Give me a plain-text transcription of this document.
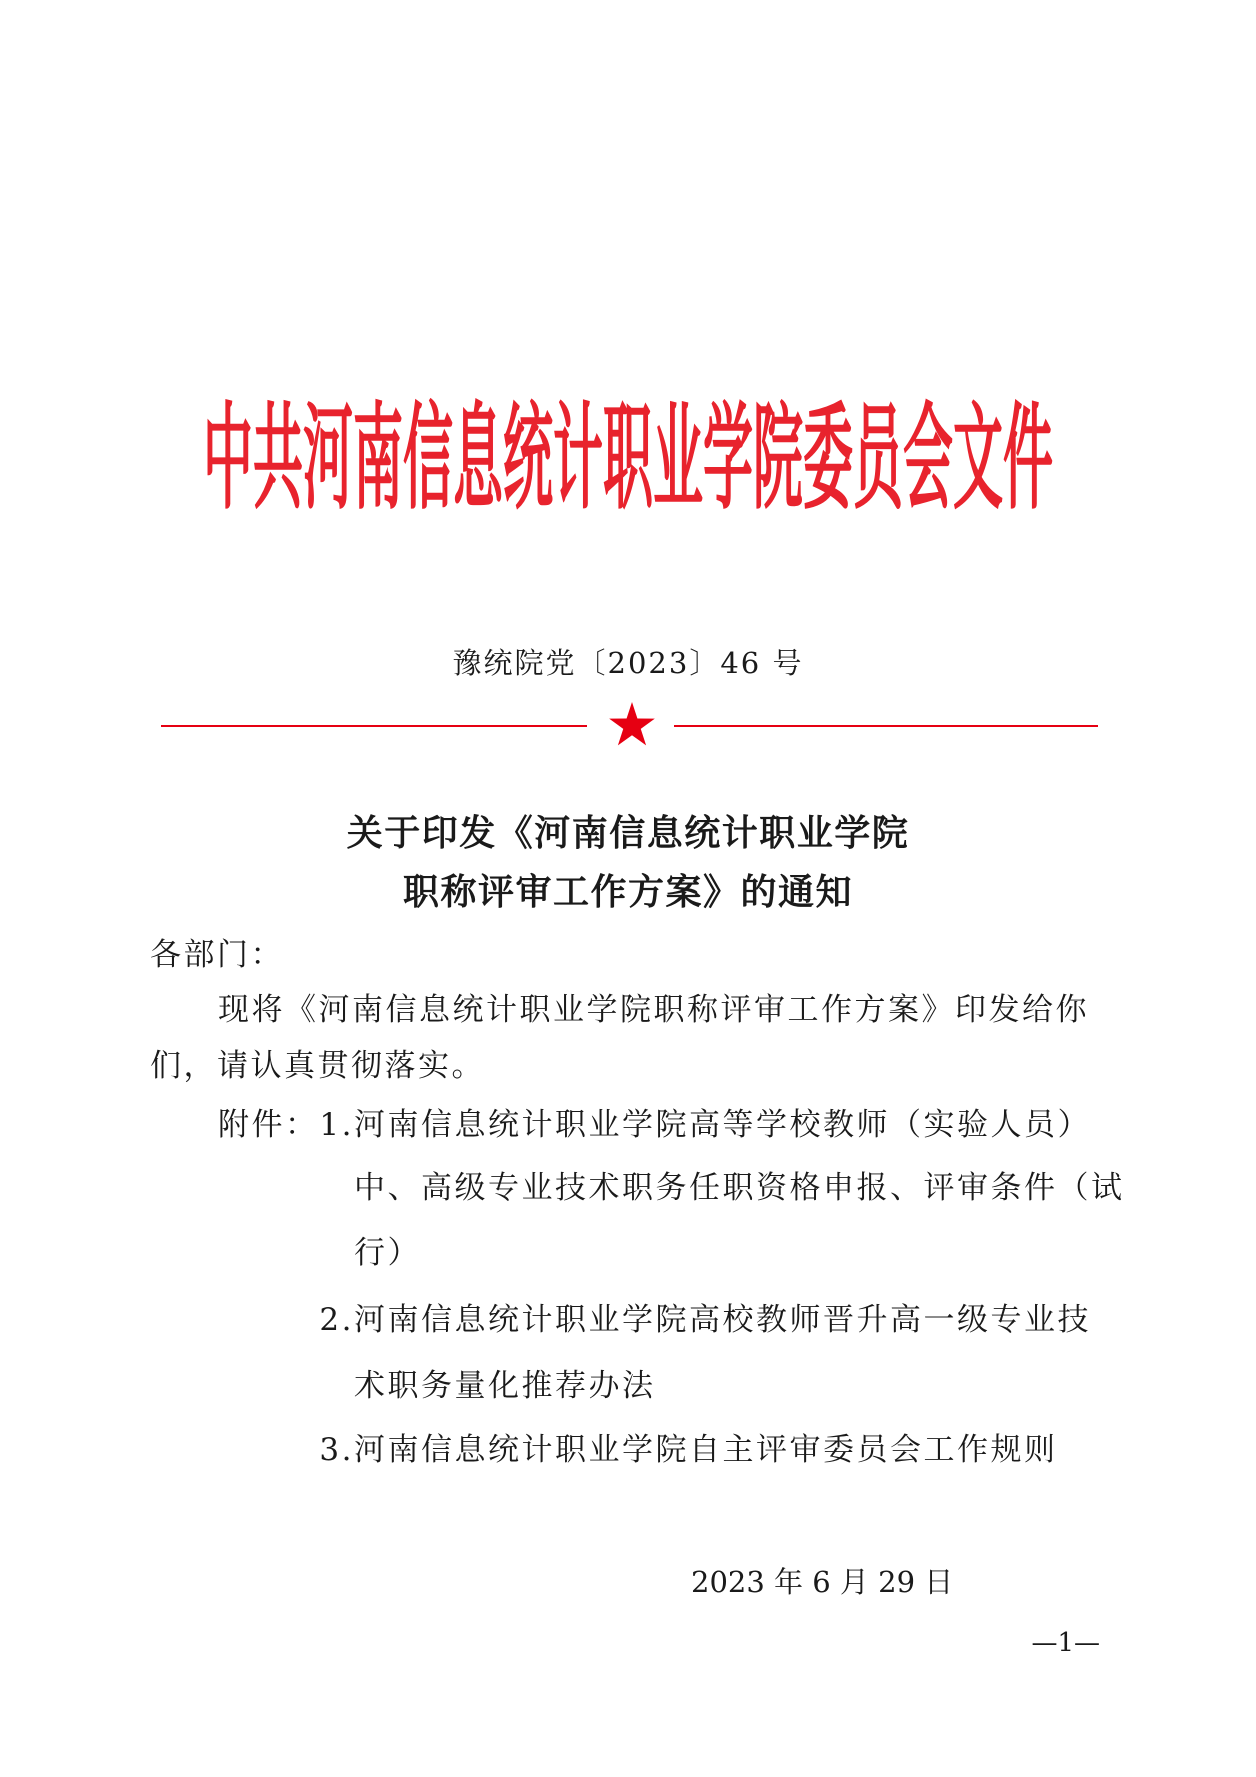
中共河南信息统计职业学院委员会文件
豫统院党〔2023〕46 号
关于印发《河南信息统计职业学院
职称评审工作方案》的通知
各部门：
现将《河南信息统计职业学院职称评审工作方案》印发给你
们，请认真贯彻落实。
附件： 1. 河南信息统计职业学院高等学校教师（实验人员）
中、高级专业技术职务任职资格申报、评审条件（试
行）
2. 河南信息统计职业学院高校教师晋升高一级专业技
术职务量化推荐办法
3. 河南信息统计职业学院自主评审委员会工作规则
2023 年 6 月 29 日
—1—
